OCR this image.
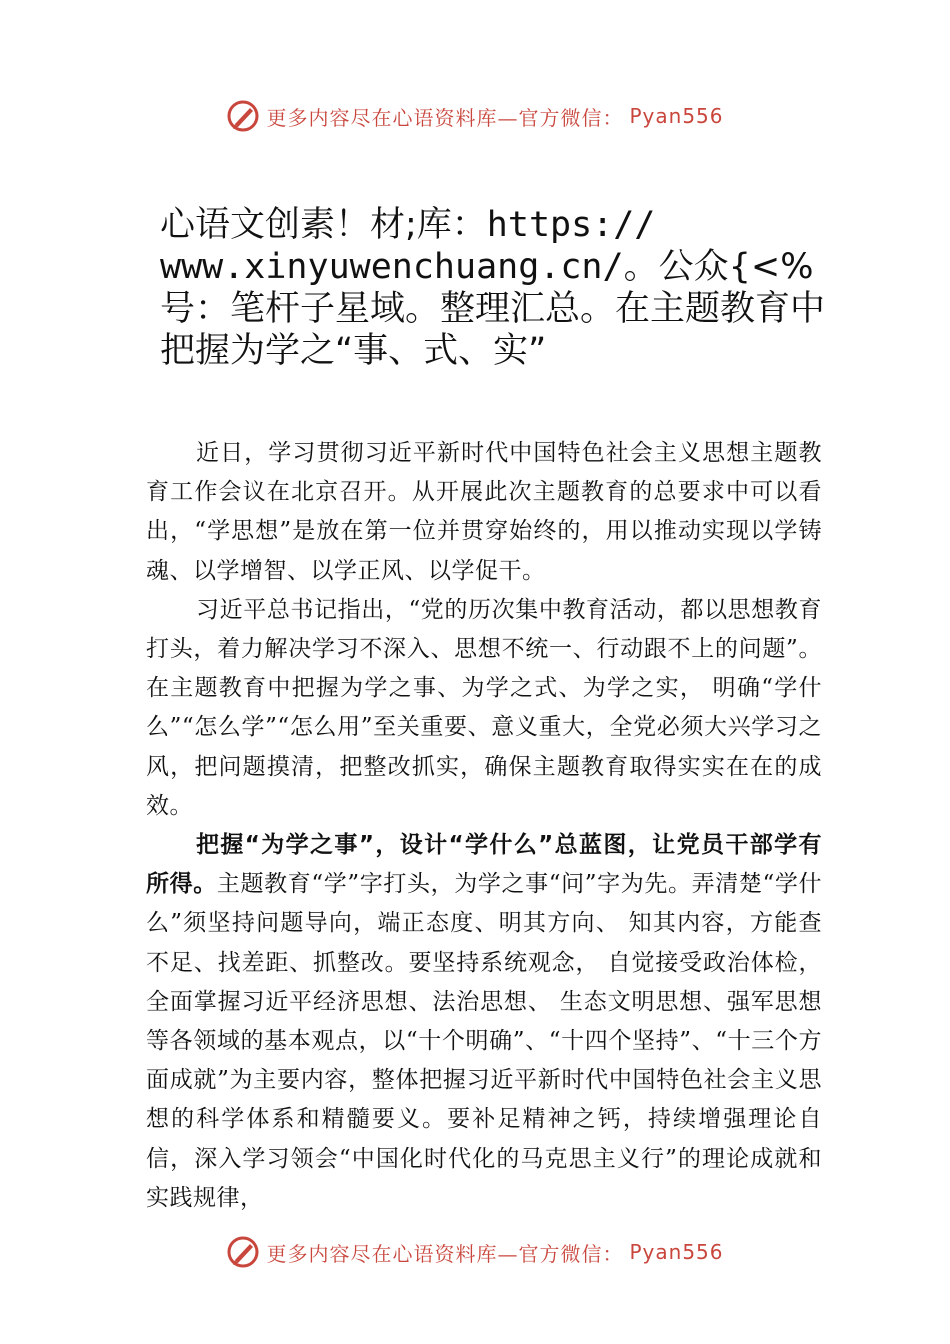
更多内容尽在心语资料库—官方微信： Pyan556
心语文创素！材;库：https://
www.xinyuwenchuang.cn/。公众{<%号：笔杆子星域。整理汇总。在主题教育中把握为学之“事、式、实”

近日，学习贯彻习近平新时代中国特色社会主义思想主题教育工作会议在北京召开。从开展此次主题教育的总要求中可以看出，“学思想”是放在第一位并贯穿始终的，用以推动实现以学铸魂、以学增智、以学正风、以学促干。

习近平总书记指出，“党的历次集中教育活动，都以思想教育打头，着力解决学习不深入、思想不统一、行动跟不上的问题”。在主题教育中把握为学之事、为学之式、为学之实， 明确“学什么”“怎么学”“怎么用”至关重要、意义重大，全党必须大兴学习之风，把问题摸清，把整改抓实，确保主题教育取得实实在在的成效。

把握“为学之事”，设计“学什么”总蓝图，让党员干部学有所得。主题教育“学”字打头，为学之事“问”字为先。弄清楚“学什么”须坚持问题导向，端正态度、明其方向、 知其内容，方能查不足、找差距、抓整改。要坚持系统观念， 自觉接受政治体检，全面掌握习近平经济思想、法治思想、 生态文明思想、强军思想等各领域的基本观点，以“十个明确”、“十四个坚持”、“十三个方面成就”为主要内容，整体把握习近平新时代中国特色社会主义思想的科学体系和精髓要义。要补足精神之钙，持续增强理论自信，深入学习领会“中国化时代化的马克思主义行”的理论成就和实践规律，

更多内容尽在心语资料库—官方微信： Pyan556
